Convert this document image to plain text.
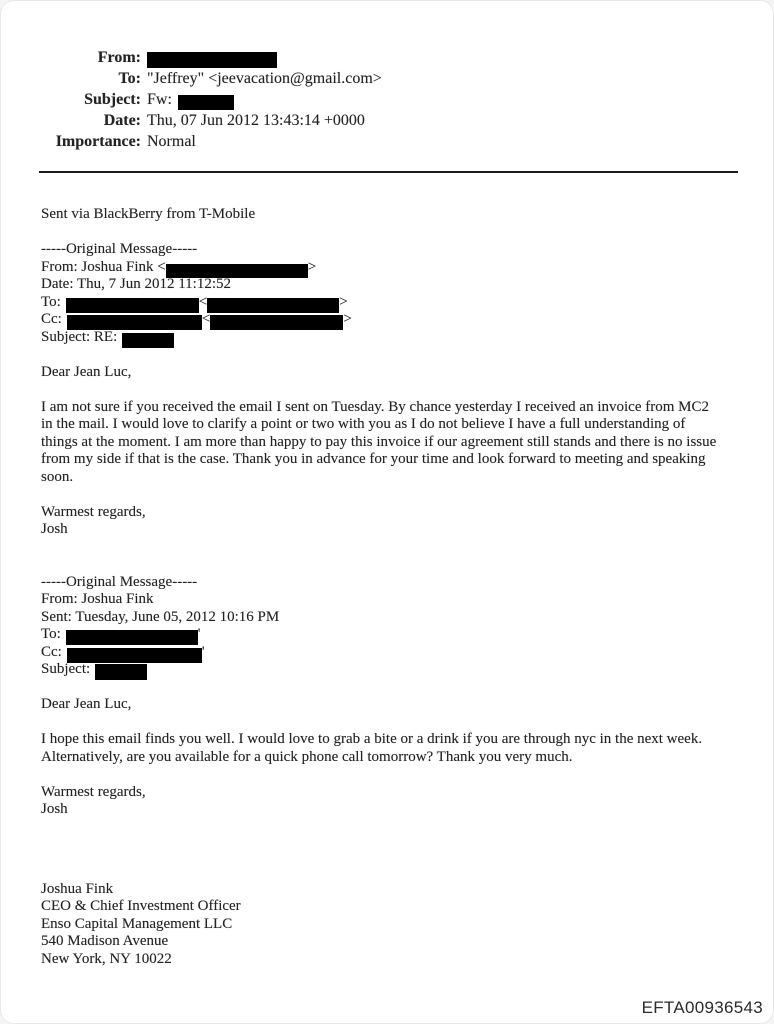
From:
To: "Jeffrey" <jeevacation@gmail.com>
Subject: Fw:
Date: Thu, 07 Jun 2012 13:43:14 +0000
Importance: Normal
Sent via BlackBerry from T-Mobile
-----Original Message-----
From: Joshua Fink <	>
Date: Thu, 7 Jun 2012 11:12:52
To:	<	>
Cc:	<	>
Subject: RE:
Dear Jean Luc,
I am not sure if you received the email I sent on Tuesday. By chance yesterday I received an invoice from MC2
in the mail. I would love to clarify a point or two with you as I do not believe I have a full understanding of
things at the moment. I am more than happy to pay this invoice if our agreement still stands and there is no issue
from my side if that is the case. Thank you in advance for your time and look forward to meeting and speaking
soon.
Warmest regards,
Josh
-----Original Message-----
From: Joshua Fink
Sent: Tuesday, June 05, 2012 10:16 PM
To:	'
Cc:	'
Subject:
Dear Jean Luc,
I hope this email finds you well. I would love to grab a bite or a drink if you are through nyc in the next week.
Alternatively, are you available for a quick phone call tomorrow? Thank you very much.
Warmest regards,
Josh
Joshua Fink
CEO & Chief Investment Officer
Enso Capital Management LLC
540 Madison Avenue
New York, NY 10022
EFTA00936543
